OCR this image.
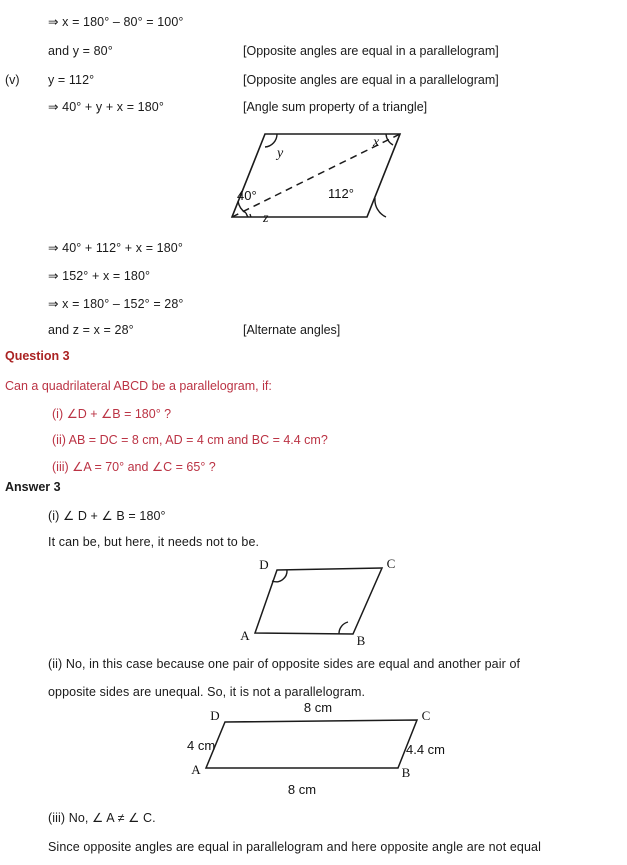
⇒ x = 180° – 80° = 100°
and y = 80°	[Opposite angles are equal in a parallelogram]
(v) y = 112°	[Opposite angles are equal in a parallelogram]
⇒ 40° + y + x = 180°	[Angle sum property of a triangle]
y
x
40°
z
112°
⇒ 40° + 112° + x = 180°
⇒ 152° + x = 180°
⇒ x = 180° – 152° = 28°
and z = x = 28°	[Alternate angles]
Question 3
Can a quadrilateral ABCD be a parallelogram, if:
(i) ∠D + ∠B = 180° ?
(ii) AB = DC = 8 cm, AD = 4 cm and BC = 4.4 cm?
(iii) ∠A = 70° and ∠C = 65° ?
Answer 3
(i) ∠ D + ∠ B = 180°
It can be, but here, it needs not to be.
D	C
A	B
(ii) No, in this case because one pair of opposite sides are equal and another pair of
opposite sides are unequal. So, it is not a parallelogram.
D	C
A	B
8 cm
4 cm	4.4 cm
8 cm
(iii) No, ∠ A ≠ ∠ C.
Since opposite angles are equal in parallelogram and here opposite angle are not equal
